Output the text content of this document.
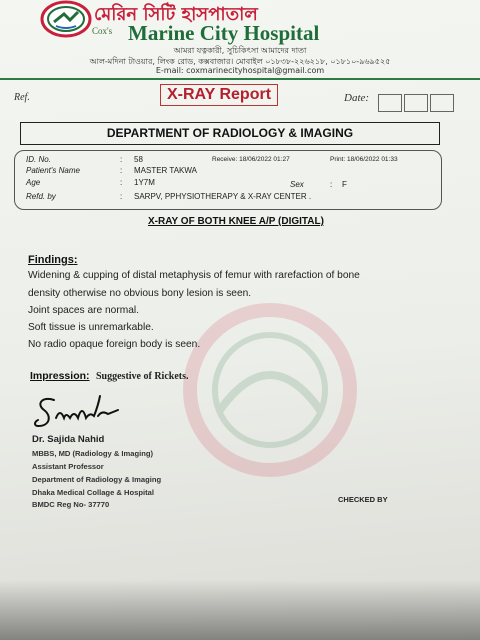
মেরিন সিটি হাসপাতাল
Cox's Marine City Hospital
আমরা যত্নকারী, সুচিকিৎসা আমাদের দাতা
আল-মদিনা টাওয়ার, লিংক রোড, কক্সবাজার। মোবাইল ০১৮৩৮-২২৬২১৮, ০১৮১০-৯৬৯৫২৫
E-mail: coxmarinecityhospital@gmail.com
Ref.	X-RAY Report	Date:
DEPARTMENT OF RADIOLOGY & IMAGING
ID. No.	: 58	Receive: 18/06/2022 01:27	Print: 18/06/2022 01:33
Patient's Name	: MASTER TAKWA
Age	: 1Y7M	Sex	: F
Refd. by	: SARPV, PPHYSIOTHERAPY & X-RAY CENTER .
X-RAY OF BOTH KNEE A/P (DIGITAL)
Findings:
Widening & cupping of distal metaphysis of femur with rarefaction of bone
density otherwise no obvious bony lesion is seen.
Joint spaces are normal.
Soft tissue is unremarkable.
No radio opaque foreign body is seen.
Impression: Suggestive of Rickets.
Dr. Sajida Nahid
MBBS, MD (Radiology & Imaging)
Assistant Professor
Department of Radiology & Imaging
Dhaka Medical Collage & Hospital
BMDC Reg No- 37770
CHECKED BY
